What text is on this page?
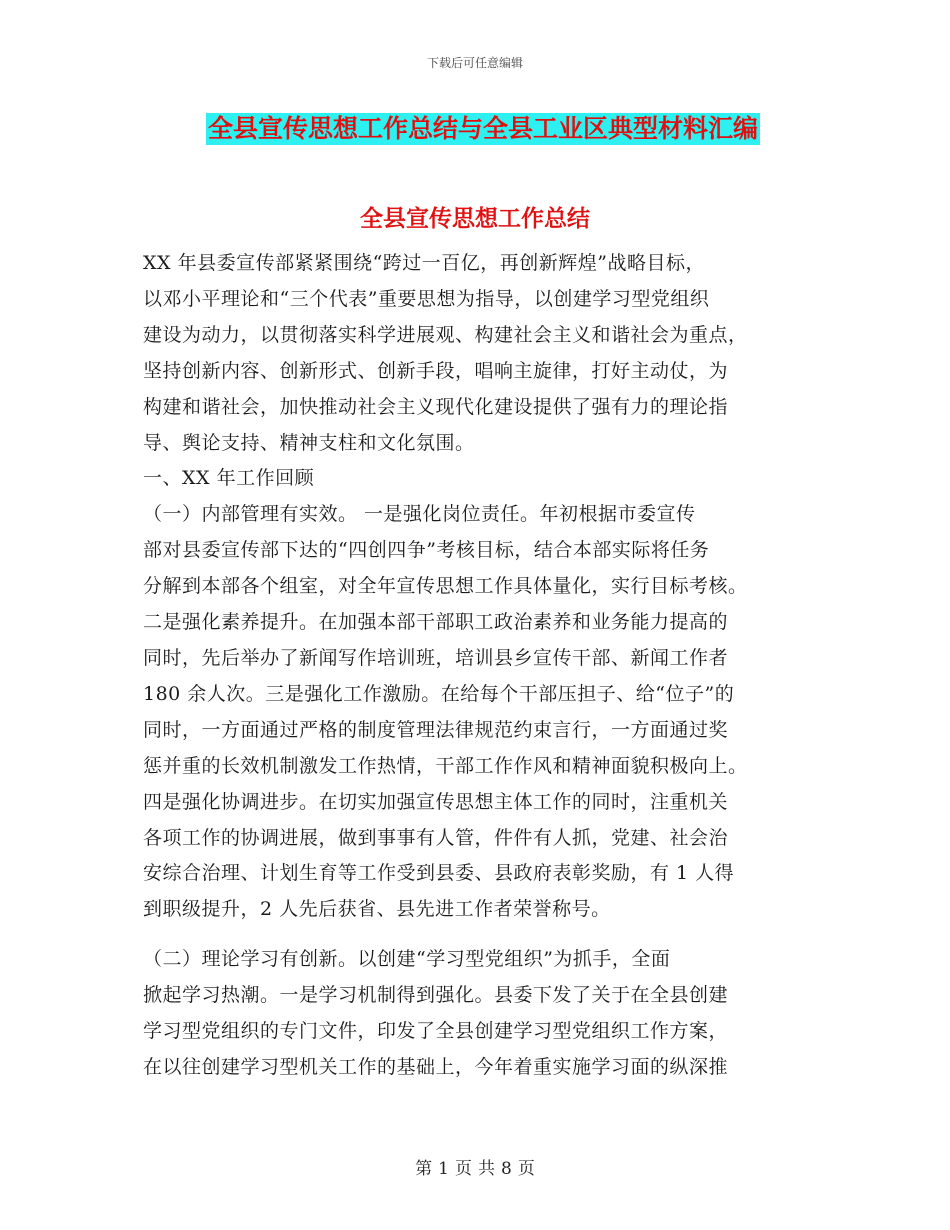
下载后可任意编辑
全县宣传思想工作总结与全县工业区典型材料汇编
全县宣传思想工作总结

XX 年县委宣传部紧紧围绕“跨过一百亿，再创新辉煌”战略目标，

以邓小平理论和“三个代表”重要思想为指导，以创建学习型党组织

建设为动力，以贯彻落实科学进展观、构建社会主义和谐社会为重点，

坚持创新内容、创新形式、创新手段，唱响主旋律，打好主动仗，为

构建和谐社会，加快推动社会主义现代化建设提供了强有力的理论指

导、舆论支持、精神支柱和文化氛围。

一、XX 年工作回顾

（一）内部管理有实效。 一是强化岗位责任。年初根据市委宣传

部对县委宣传部下达的“四创四争”考核目标，结合本部实际将任务

分解到本部各个组室，对全年宣传思想工作具体量化，实行目标考核。

二是强化素养提升。在加强本部干部职工政治素养和业务能力提高的

同时，先后举办了新闻写作培训班，培训县乡宣传干部、新闻工作者

180 余人次。三是强化工作激励。在给每个干部压担子、给“位子”的

同时，一方面通过严格的制度管理法律规范约束言行，一方面通过奖

惩并重的长效机制激发工作热情，干部工作作风和精神面貌积极向上。

四是强化协调进步。在切实加强宣传思想主体工作的同时，注重机关

各项工作的协调进展，做到事事有人管，件件有人抓，党建、社会治

安综合治理、计划生育等工作受到县委、县政府表彰奖励，有 1 人得

到职级提升，2 人先后获省、县先进工作者荣誉称号。

（二）理论学习有创新。以创建“学习型党组织”为抓手，全面

掀起学习热潮。一是学习机制得到强化。县委下发了关于在全县创建

学习型党组织的专门文件，印发了全县创建学习型党组织工作方案，

在以往创建学习型机关工作的基础上，今年着重实施学习面的纵深推

第 1 页 共 8 页
